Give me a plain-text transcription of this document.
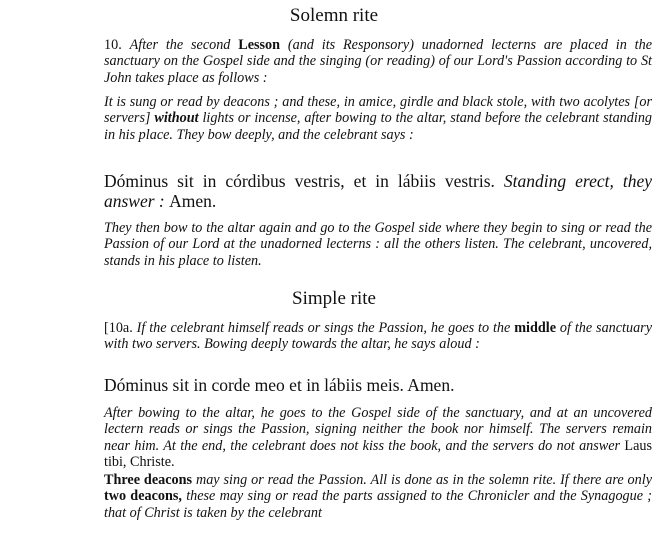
Solemn rite
10. After the second Lesson (and its Responsory) unadorned lecterns are placed in the sanctuary on the Gospel side and the singing (or reading) of our Lord's Passion according to St John takes place as follows :
It is sung or read by deacons ; and these, in amice, girdle and black stole, with two acolytes [or servers] without lights or incense, after bowing to the altar, stand before the celebrant standing in his place. They bow deeply, and the celebrant says :
Dóminus sit in córdibus vestris, et in lábiis vestris. Standing erect, they answer : Amen.
They then bow to the altar again and go to the Gospel side where they begin to sing or read the Passion of our Lord at the unadorned lecterns : all the others listen. The celebrant, uncovered, stands in his place to listen.
Simple rite
[10a. If the celebrant himself reads or sings the Passion, he goes to the middle of the sanctuary with two servers. Bowing deeply towards the altar, he says aloud :
Dóminus sit in corde meo et in lábiis meis. Amen.
After bowing to the altar, he goes to the Gospel side of the sanctuary, and at an uncovered lectern reads or sings the Passion, signing neither the book nor himself. The servers remain near him. At the end, the celebrant does not kiss the book, and the servers do not answer Laus tibi, Christe.
Three deacons may sing or read the Passion. All is done as in the solemn rite. If there are only two deacons, these may sing or read the parts assigned to the Chronicler and the Synagogue ; that of Christ is taken by the celebrant
